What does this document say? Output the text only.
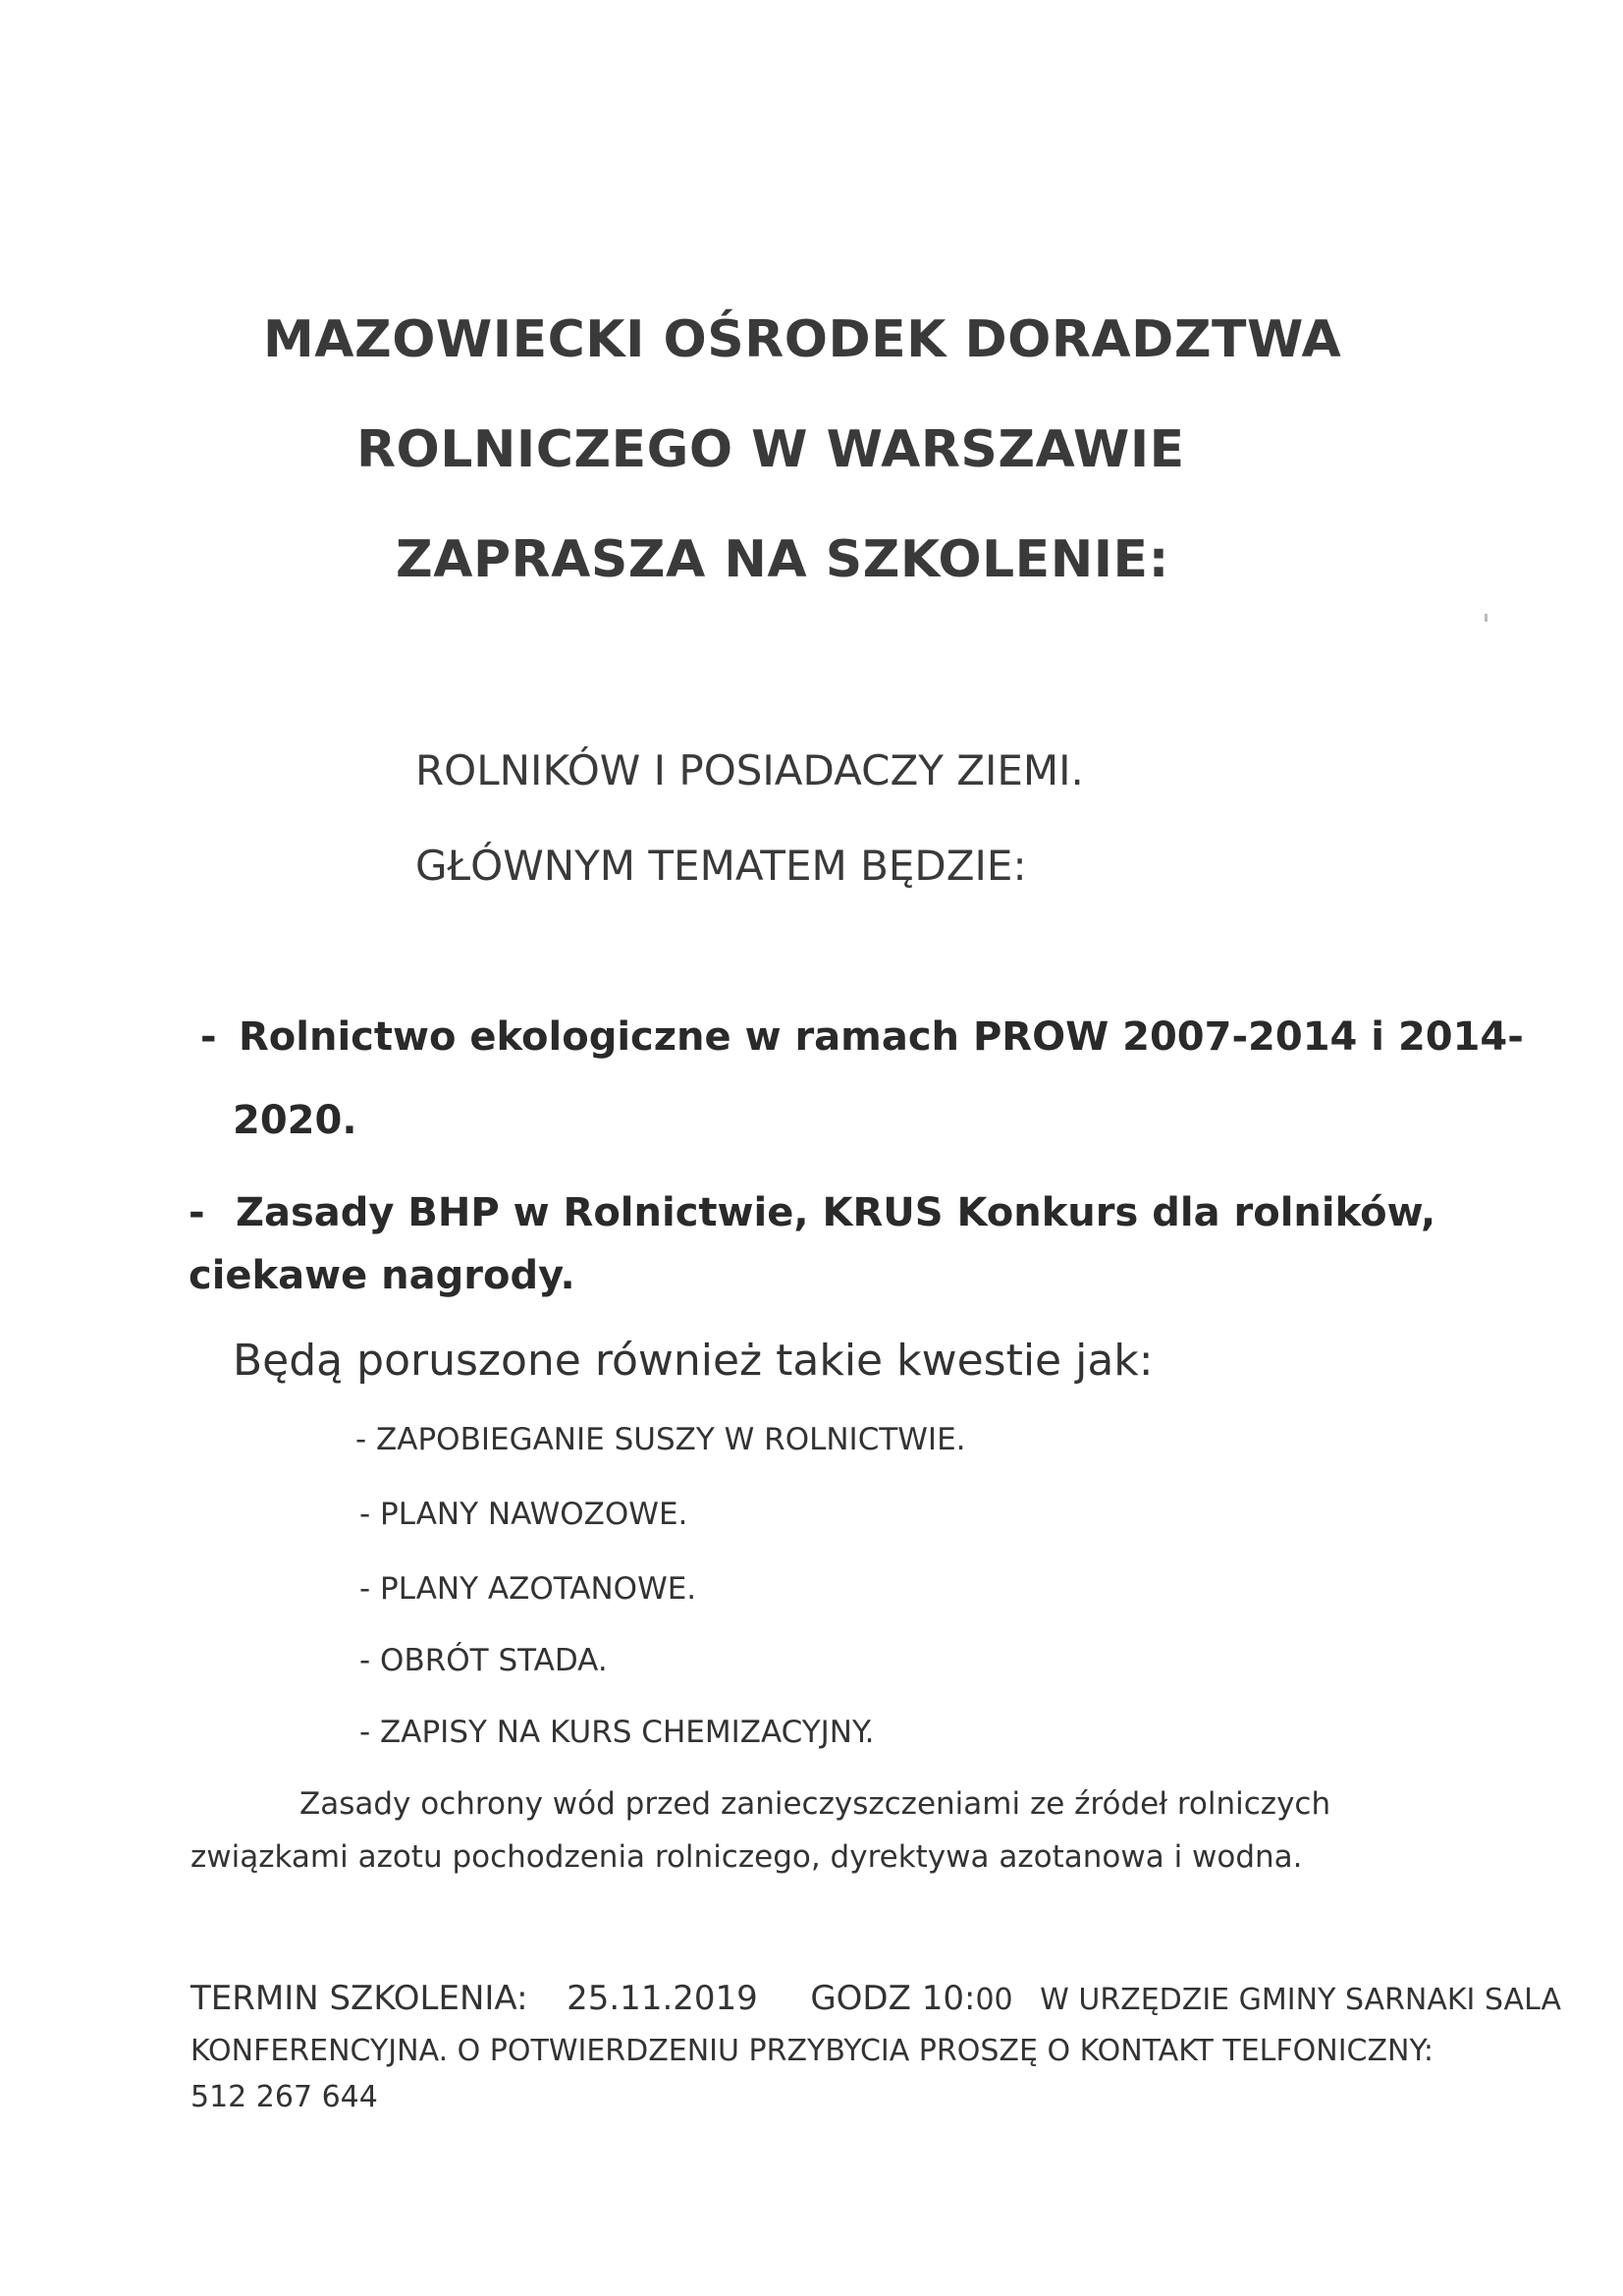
MAZOWIECKI OŚRODEK DORADZTWA
ROLNICZEGO W WARSZAWIE
ZAPRASZA NA SZKOLENIE:
ROLNIKÓW I POSIADACZY ZIEMI.
GŁÓWNYM TEMATEM BĘDZIE:
- Rolnictwo ekologiczne w ramach PROW 2007-2014 i 2014-
2020.
- Zasady BHP w Rolnictwie, KRUS Konkurs dla rolników,
ciekawe nagrody.
Będą poruszone również takie kwestie jak:
- ZAPOBIEGANIE SUSZY W ROLNICTWIE.
- PLANY NAWOZOWE.
- PLANY AZOTANOWE.
- OBRÓT STADA.
- ZAPISY NA KURS CHEMIZACYJNY.
Zasady ochrony wód przed zanieczyszczeniami ze źródeł rolniczych
związkami azotu pochodzenia rolniczego, dyrektywa azotanowa i wodna.
TERMIN SZKOLENIA: 25.11.2019 GODZ 10:00 W URZĘDZIE GMINY SARNAKI SALA
KONFERENCYJNA. O POTWIERDZENIU PRZYBYCIA PROSZĘ O KONTAKT TELFONICZNY:
512 267 644
